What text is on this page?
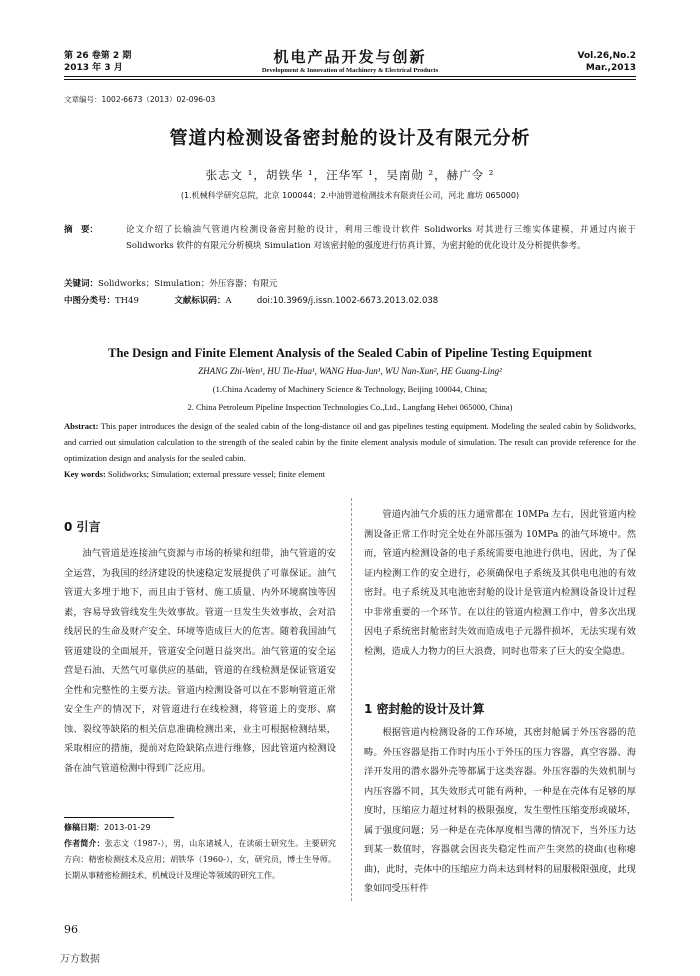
第 26 卷第 2 期
2013 年 3 月
机电产品开发与创新
Development & Innovation of Machinery & Electrical Products
Vol.26,No.2
Mar.,2013
文章编号：1002-6673（2013）02-096-03
管道内检测设备密封舱的设计及有限元分析
张志文 ¹，胡铁华 ¹，汪华军 ¹，吴南勋 ²，赫广令 ²
(1.机械科学研究总院，北京 100044；2.中油管道检测技术有限责任公司，河北 廊坊 065000)
摘　要：	论文介绍了长输油气管道内检测设备密封舱的设计，利用三维设计软件 Solidworks 对其进行三维实体建模，并通过内嵌于 Solidworks 软件的有限元分析模块 Simulation 对该密封舱的强度进行仿真计算，为密封舱的优化设计及分析提供参考。
关键词：Solidworks；Simulation；外压容器；有限元
中图分类号：TH49	文献标识码：A	doi:10.3969/j.issn.1002-6673.2013.02.038
The Design and Finite Element Analysis of the Sealed Cabin of Pipeline Testing Equipment
ZHANG Zhi-Wen¹, HU Tie-Hua¹, WANG Hua-Jun¹, WU Nan-Xun², HE Guang-Ling²
(1.China Academy of Machinery Science & Technology, Beijing 100044, China;
2. China Petroleum Pipeline Inspection Technologies Co.,Ltd., Langfang Hebei 065000, China)
Abstract: This paper introduces the design of the sealed cabin of the long-distance oil and gas pipelines testing equipment. Modeling the sealed cabin by Solidworks, and carried out simulation calculation to the strength of the sealed cabin by the finite element analysis module of simulation. The result can provide reference for the optimization design and analysis for the sealed cabin.
Key words: Solidworks; Simulation; external pressure vessel; finite element
0 引言
油气管道是连接油气资源与市场的桥梁和纽带，油气管道的安全运营，为我国的经济建设的快速稳定发展提供了可靠保证。油气管道大多埋于地下，而且由于管材、施工质量、内外环境腐蚀等因素，容易导致管线发生失效事故。管道一旦发生失效事故，会对沿线居民的生命及财产安全、环境等造成巨大的危害。随着我国油气管道建设的全面展开，管道安全问题日益突出。油气管道的安全运营是石油、天然气可靠供应的基础，管道的在线检测是保证管道安全性和完整性的主要方法。管道内检测设备可以在不影响管道正常安全生产的情况下，对管道进行在线检测，将管道上的变形、腐蚀、裂纹等缺陷的相关信息准确检测出来，业主可根据检测结果，采取相应的措施，提前对危险缺陷点进行维修，因此管道内检测设备在油气管道检测中得到广泛应用。
修稿日期：2013-01-29
作者简介：张志文（1987-），男，山东诸城人，在读硕士研究生。主要研究方向：精密检测技术及应用；胡铁华（1960-），女，研究员，博士生导师。长期从事精密检测技术、机械设计及理论等领域的研究工作。
管道内油气介质的压力通常都在 10MPa 左右，因此管道内检测设备正常工作时完全处在外部压强为 10MPa 的油气环境中。然而，管道内检测设备的电子系统需要电池进行供电，因此，为了保证内检测工作的安全进行，必须确保电子系统及其供电电池的有效密封。电子系统及其电池密封舱的设计是管道内检测设备设计过程中非常重要的一个环节。在以往的管道内检测工作中，曾多次出现因电子系统密封舱密封失效而造成电子元器件损坏，无法实现有效检测，造成人力物力的巨大浪费，同时也带来了巨大的安全隐患。
1 密封舱的设计及计算
根据管道内检测设备的工作环境，其密封舱属于外压容器的范畴。外压容器是指工作时内压小于外压的压力容器，真空容器、海洋开发用的潜水器外壳等都属于这类容器。外压容器的失效机制与内压容器不同，其失效形式可能有两种，一种是在壳体有足够的厚度时，压缩应力超过材料的极限强度，发生塑性压缩变形或破坏，属于强度问题；另一种是在壳体厚度相当薄的情况下，当外压力达到某一数值时，容器就会因丧失稳定性而产生突然的挠曲(也称瘪曲)，此时，壳体中的压缩应力尚未达到材料的屈服极限强度，此现象如同受压杆件
96
万方数据
